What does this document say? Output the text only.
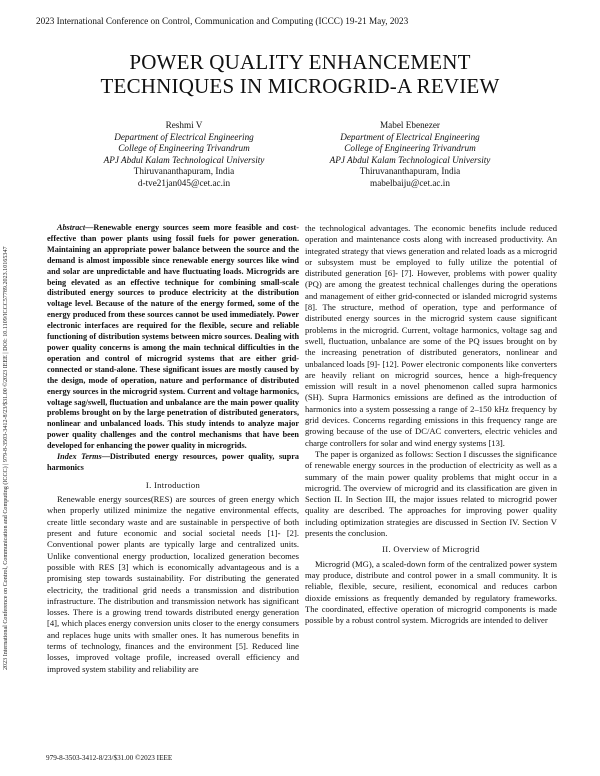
2023 International Conference on Control, Communication and Computing (ICCC) 19-21 May, 2023
2023 International Conference on Control, Communication and Computing (ICCC) | 979-8-3503-3412-8/23/$31.00 ©2023 IEEE | DOI: 10.1109/ICCC57789.2023.10165347
POWER QUALITY ENHANCEMENT
TECHNIQUES IN MICROGRID-A REVIEW
Reshmi V
Department of Electrical Engineering
College of Engineering Trivandrum
APJ Abdul Kalam Technological University
Thiruvananthapuram, India
d-tve21jan045@cet.ac.in
Mabel Ebenezer
Department of Electrical Engineering
College of Engineering Trivandrum
APJ Abdul Kalam Technological University
Thiruvananthapuram, India
mabelbaiju@cet.ac.in

Abstract—Renewable energy sources seem more feasible and cost-effective than power plants using fossil fuels for power generation. Maintaining an appropriate power balance between the source and the demand is almost impossible since renewable energy sources like wind and solar are unpredictable and have fluctuating loads. Microgrids are being elevated as an effective technique for combining small-scale distributed energy sources to produce electricity at the distribution voltage level. Because of the nature of the energy formed, some of the energy produced from these sources cannot be used immediately. Power electronic interfaces are required for the flexible, secure and reliable functioning of distribution systems between micro sources. Dealing with power quality concerns is among the main technical difficulties in the operation and control of microgrid systems that are either grid-connected or stand-alone. These significant issues are mostly caused by the design, mode of operation, nature and performance of distributed energy sources in the microgrid system. Current and voltage harmonics, voltage sag/swell, fluctuation and unbalance are the main power quality problems brought on by the large penetration of distributed generators, nonlinear and unbalanced loads. This study intends to analyze major power quality challenges and the control mechanisms that have been developed for enhancing the power quality in microgrids.

Index Terms—Distributed energy resources, power quality, supra harmonics

I. Introduction

Renewable energy sources(RES) are sources of green energy which when properly utilized minimize the negative environmental effects, create little secondary waste and are sustainable in perspective of both present and future economic and social societal needs [1]- [2]. Conventional power plants are typically large and centralized units. Unlike conventional energy production, localized generation becomes possible with RES [3] which is economically advantageous and is a promising step towards sustainability. For distributing the generated electricity, the traditional grid needs a transmission and distribution infrastructure. The distribution and transmission network has significant losses. There is a growing trend towards distributed energy generation [4], which places energy conversion units closer to the energy consumers and replaces huge units with smaller ones. It has numerous benefits in terms of technology, finances and the environment [5]. Reduced line losses, improved voltage profile, increased overall efficiency and improved system stability and reliability are

the technological advantages. The economic benefits include reduced operation and maintenance costs along with increased productivity. An integrated strategy that views generation and related loads as a microgrid or subsystem must be employed to fully utilize the potential of distributed generation [6]- [7]. However, problems with power quality (PQ) are among the greatest technical challenges during the operations and management of either grid-connected or islanded microgrid systems [8]. The structure, method of operation, type and performance of distributed energy sources in the microgrid system cause significant problems in the microgrid. Current, voltage harmonics, voltage sag and swell, fluctuation, unbalance are some of the PQ issues brought on by the increasing penetration of distributed generators, nonlinear and unbalanced loads [9]- [12]. Power electronic components like converters are heavily reliant on microgrid sources, hence a high-frequency emission will result in a novel phenomenon called supra harmonics (SH). Supra Harmonics emissions are defined as the introduction of harmonics into a system possessing a range of 2–150 kHz frequency by grid devices. Concerns regarding emissions in this frequency range are growing because of the use of DC/AC converters, electric vehicles and charge controllers for solar and wind energy systems [13].

The paper is organized as follows: Section I discusses the significance of renewable energy sources in the production of electricity as well as a summary of the main power quality problems that might occur in a microgrid. The overview of microgrid and its classification are given in Section II. In Section III, the major issues related to microgrid power quality are described. The approaches for improving power quality including optimization strategies are discussed in Section IV. Section V presents the conclusion.

II. Overview of Microgrid

Microgrid (MG), a scaled-down form of the centralized power system may produce, distribute and control power in a small community. It is reliable, flexible, secure, resilient, economical and reduces carbon dioxide emissions as frequently demanded by regulatory frameworks. The coordinated, effective operation of microgrid components is made possible by a robust control system. Microgrids are intended to deliver

979-8-3503-3412-8/23/$31.00 ©2023 IEEE
